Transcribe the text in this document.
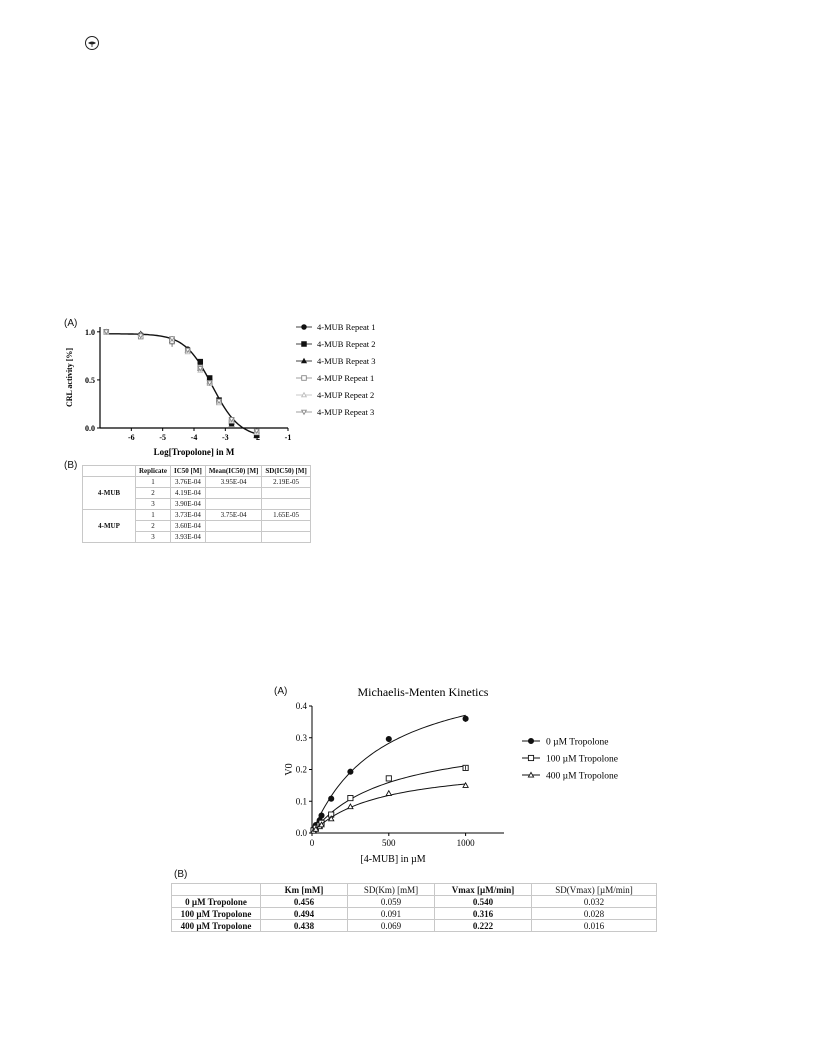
(A)
-6	-5	-4	-3	-1
0.0
0.5
1.0
Log[Tropolone] in M
CRL activity [%]
4-MUB Repeat 1
4-MUB Repeat 2
4-MUB Repeat 3
4-MUP Repeat 1
4-MUP Repeat 2
4-MUP Repeat 3
(B)
		Replicate	IC50 [M]	Mean(IC50) [M]	SD(IC50) [M]
4-MUB	1	3.76E-04	3.95E-04	2.19E-05
	2	4.19E-04		
	3	3.90E-04		
4-MUP	1	3.73E-04	3.75E-04	1.65E-05
	2	3.60E-04		
	3	3.93E-04		
(A)	Michaelis-Menten Kinetics
0	500	1000
0.0
0.1
0.2
0.3
0.4
[4-MUB] in µM
V0
0 µM Tropolone
100 µM Tropolone
400 µM Tropolone
(B)
	Km [mM]	SD(Km) [mM]	Vmax [µM/min]	SD(Vmax) [µM/min]
0 µM Tropolone	0.456	0.059	0.540	0.032
100 µM Tropolone	0.494	0.091	0.316	0.028
400 µM Tropolone	0.438	0.069	0.222	0.016
